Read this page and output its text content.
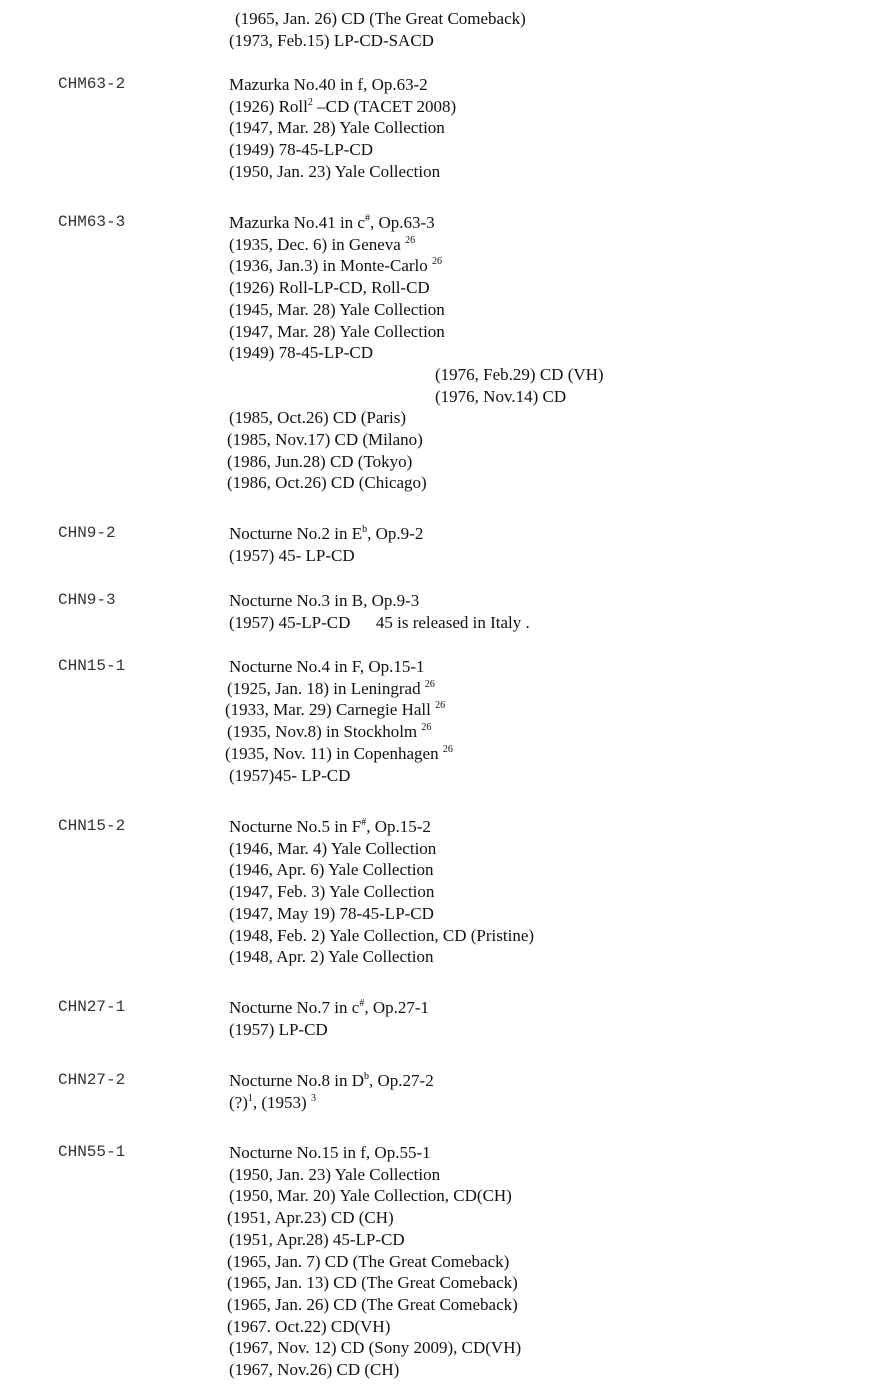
(1965, Jan. 26) CD (The Great Comeback)
(1973, Feb.15) LP-CD-SACD
CHM63-2	Mazurka No.40 in f, Op.63-2
(1926) Roll$^2$ –CD (TACET 2008)
(1947, Mar. 28) Yale Collection
(1949) 78-45-LP-CD
(1950, Jan. 23) Yale Collection
CHM63-3	Mazurka No.41 in c#, Op.63-3
(1935, Dec. 6) in Geneva $^{26}$
(1936, Jan.3) in Monte-Carlo $^{26}$
(1926) Roll-LP-CD, Roll-CD
(1945, Mar. 28) Yale Collection
(1947, Mar. 28) Yale Collection
(1949) 78-45-LP-CD
(1976, Feb.29) CD (VH)
(1976, Nov.14) CD
(1985, Oct.26) CD (Paris)
(1985, Nov.17) CD (Milano)
(1986, Jun.28) CD (Tokyo)
(1986, Oct.26) CD (Chicago)
CHN9-2	Nocturne No.2 in $E^b$, Op.9-2
(1957) 45- LP-CD
CHN9-3	Nocturne No.3 in B, Op.9-3
(1957) 45-LP-CD      45 is released in Italy .
CHN15-1	Nocturne No.4 in F, Op.15-1
(1925, Jan. 18) in Leningrad $^{26}$
(1933, Mar. 29) Carnegie Hall $^{26}$
(1935, Nov.8) in Stockholm $^{26}$
(1935, Nov. 11) in Copenhagen $^{26}$
(1957)45- LP-CD
CHN15-2	Nocturne No.5 in F#, Op.15-2
(1946, Mar. 4) Yale Collection
(1946, Apr. 6) Yale Collection
(1947, Feb. 3) Yale Collection
(1947, May 19) 78-45-LP-CD
(1948, Feb. 2) Yale Collection, CD (Pristine)
(1948, Apr. 2) Yale Collection
CHN27-1	Nocturne No.7 in c#, Op.27-1
(1957) LP-CD
CHN27-2	Nocturne No.8 in $D^b$, Op.27-2
(?)$^1$, (1953) $^3$
CHN55-1	Nocturne No.15 in f, Op.55-1
(1950, Jan. 23) Yale Collection
(1950, Mar. 20) Yale Collection, CD(CH)
(1951, Apr.23) CD (CH)
(1951, Apr.28) 45-LP-CD
(1965, Jan. 7) CD (The Great Comeback)
(1965, Jan. 13) CD (The Great Comeback)
(1965, Jan. 26) CD (The Great Comeback)
(1967. Oct.22) CD(VH)
(1967, Nov. 12) CD (Sony 2009), CD(VH)
(1967, Nov.26) CD (CH)
